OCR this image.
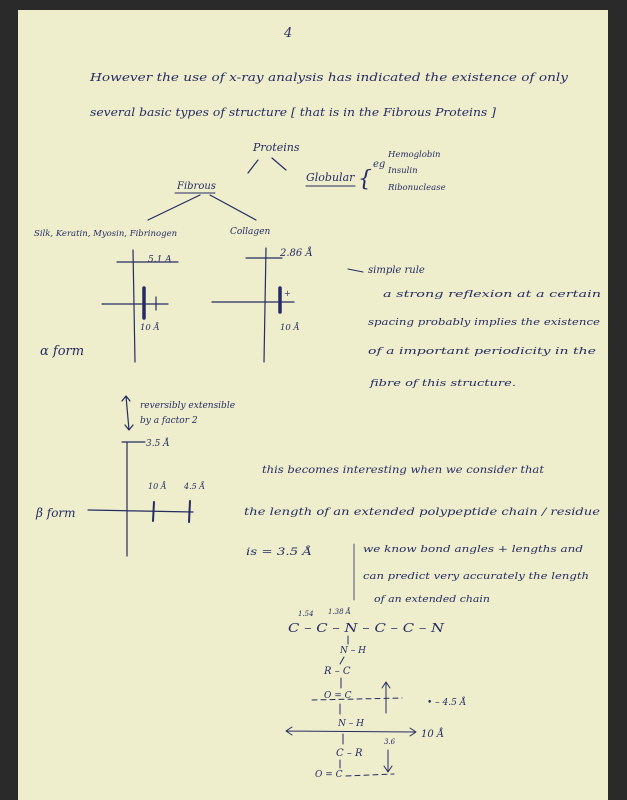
4
However the use of x-ray analysis has indicated the existence of only
several basic types of structure [ that is in the Fibrous Proteins ]
Proteins
Fibrous
Globular {
eg
Hemoglobin
Insulin
Ribonuclease
Silk, Keratin, Myosin, Fibrinogen	Collagen
5.1 A
10 Å
+
2.86 Å
10 Å
α form
simple rule
a strong reflexion at a certain
spacing probably implies the existence
of a important periodicity in the
fibre of this structure.
reversibly extensible
by a factor 2
3.5 Å
10 Å 4.5 Å
β form
this becomes interesting when we consider that
the length of an extended polypeptide chain / residue
is = 3.5 Å	we know bond angles + lengths and
can predict very accurately the length
of an extended chain
1.54 1.38 Å
C – C – N – C – C – N
N – H
R – C
O = C
• – 4.5 Å
N – H
10 Å
3.6
C – R
O = C
